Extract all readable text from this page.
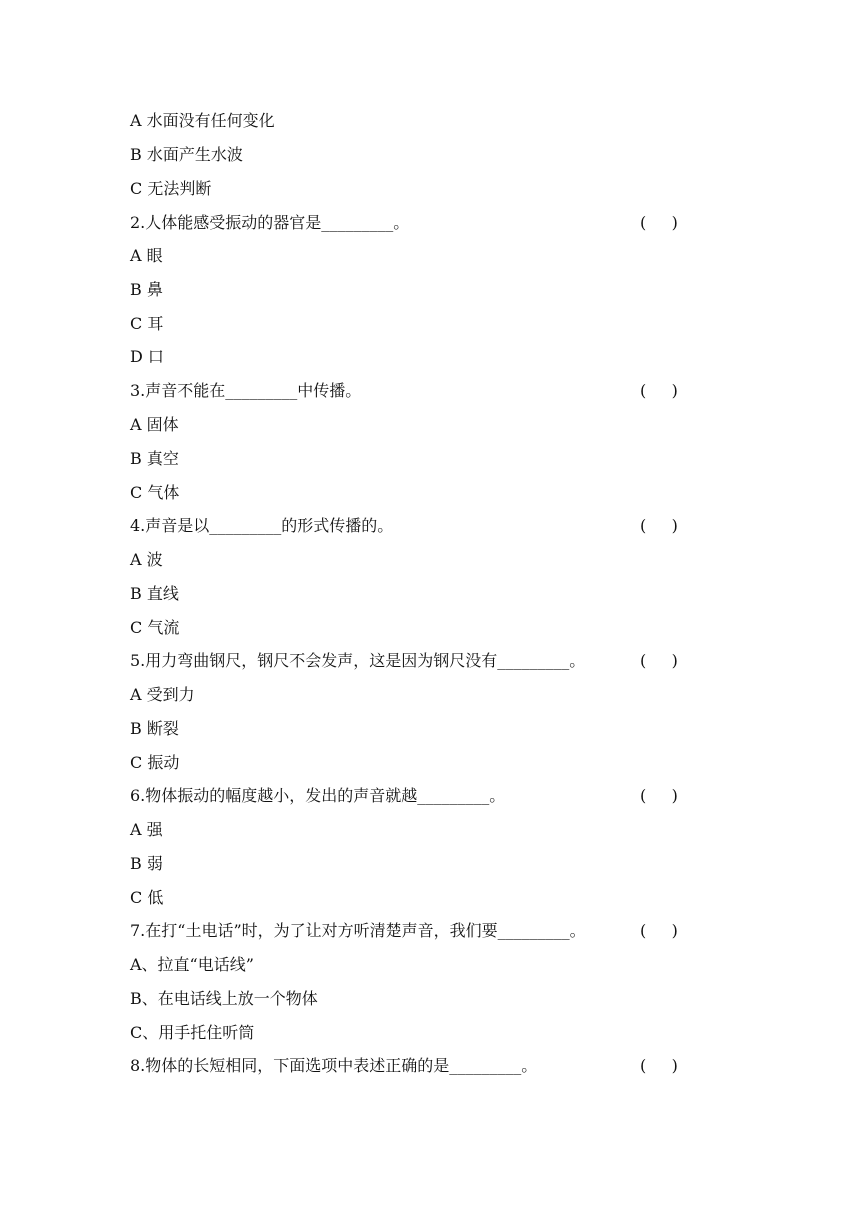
A 水面没有任何变化
B 水面产生水波
C 无法判断
2.人体能感受振动的器官是_________。	(     )
A 眼
B 鼻
C 耳
D 口
3.声音不能在_________中传播。	(     )
A 固体
B 真空
C 气体
4.声音是以_________的形式传播的。	(     )
A 波
B 直线
C 气流
5.用力弯曲钢尺，钢尺不会发声，这是因为钢尺没有_________。	(     )
A 受到力
B 断裂
C 振动
6.物体振动的幅度越小，发出的声音就越_________。	(     )
A 强
B 弱
C 低
7.在打“土电话”时，为了让对方听清楚声音，我们要_________。	(     )
A、拉直“电话线”
B、在电话线上放一个物体
C、用手托住听筒
8.物体的长短相同，下面选项中表述正确的是_________。	(     )
